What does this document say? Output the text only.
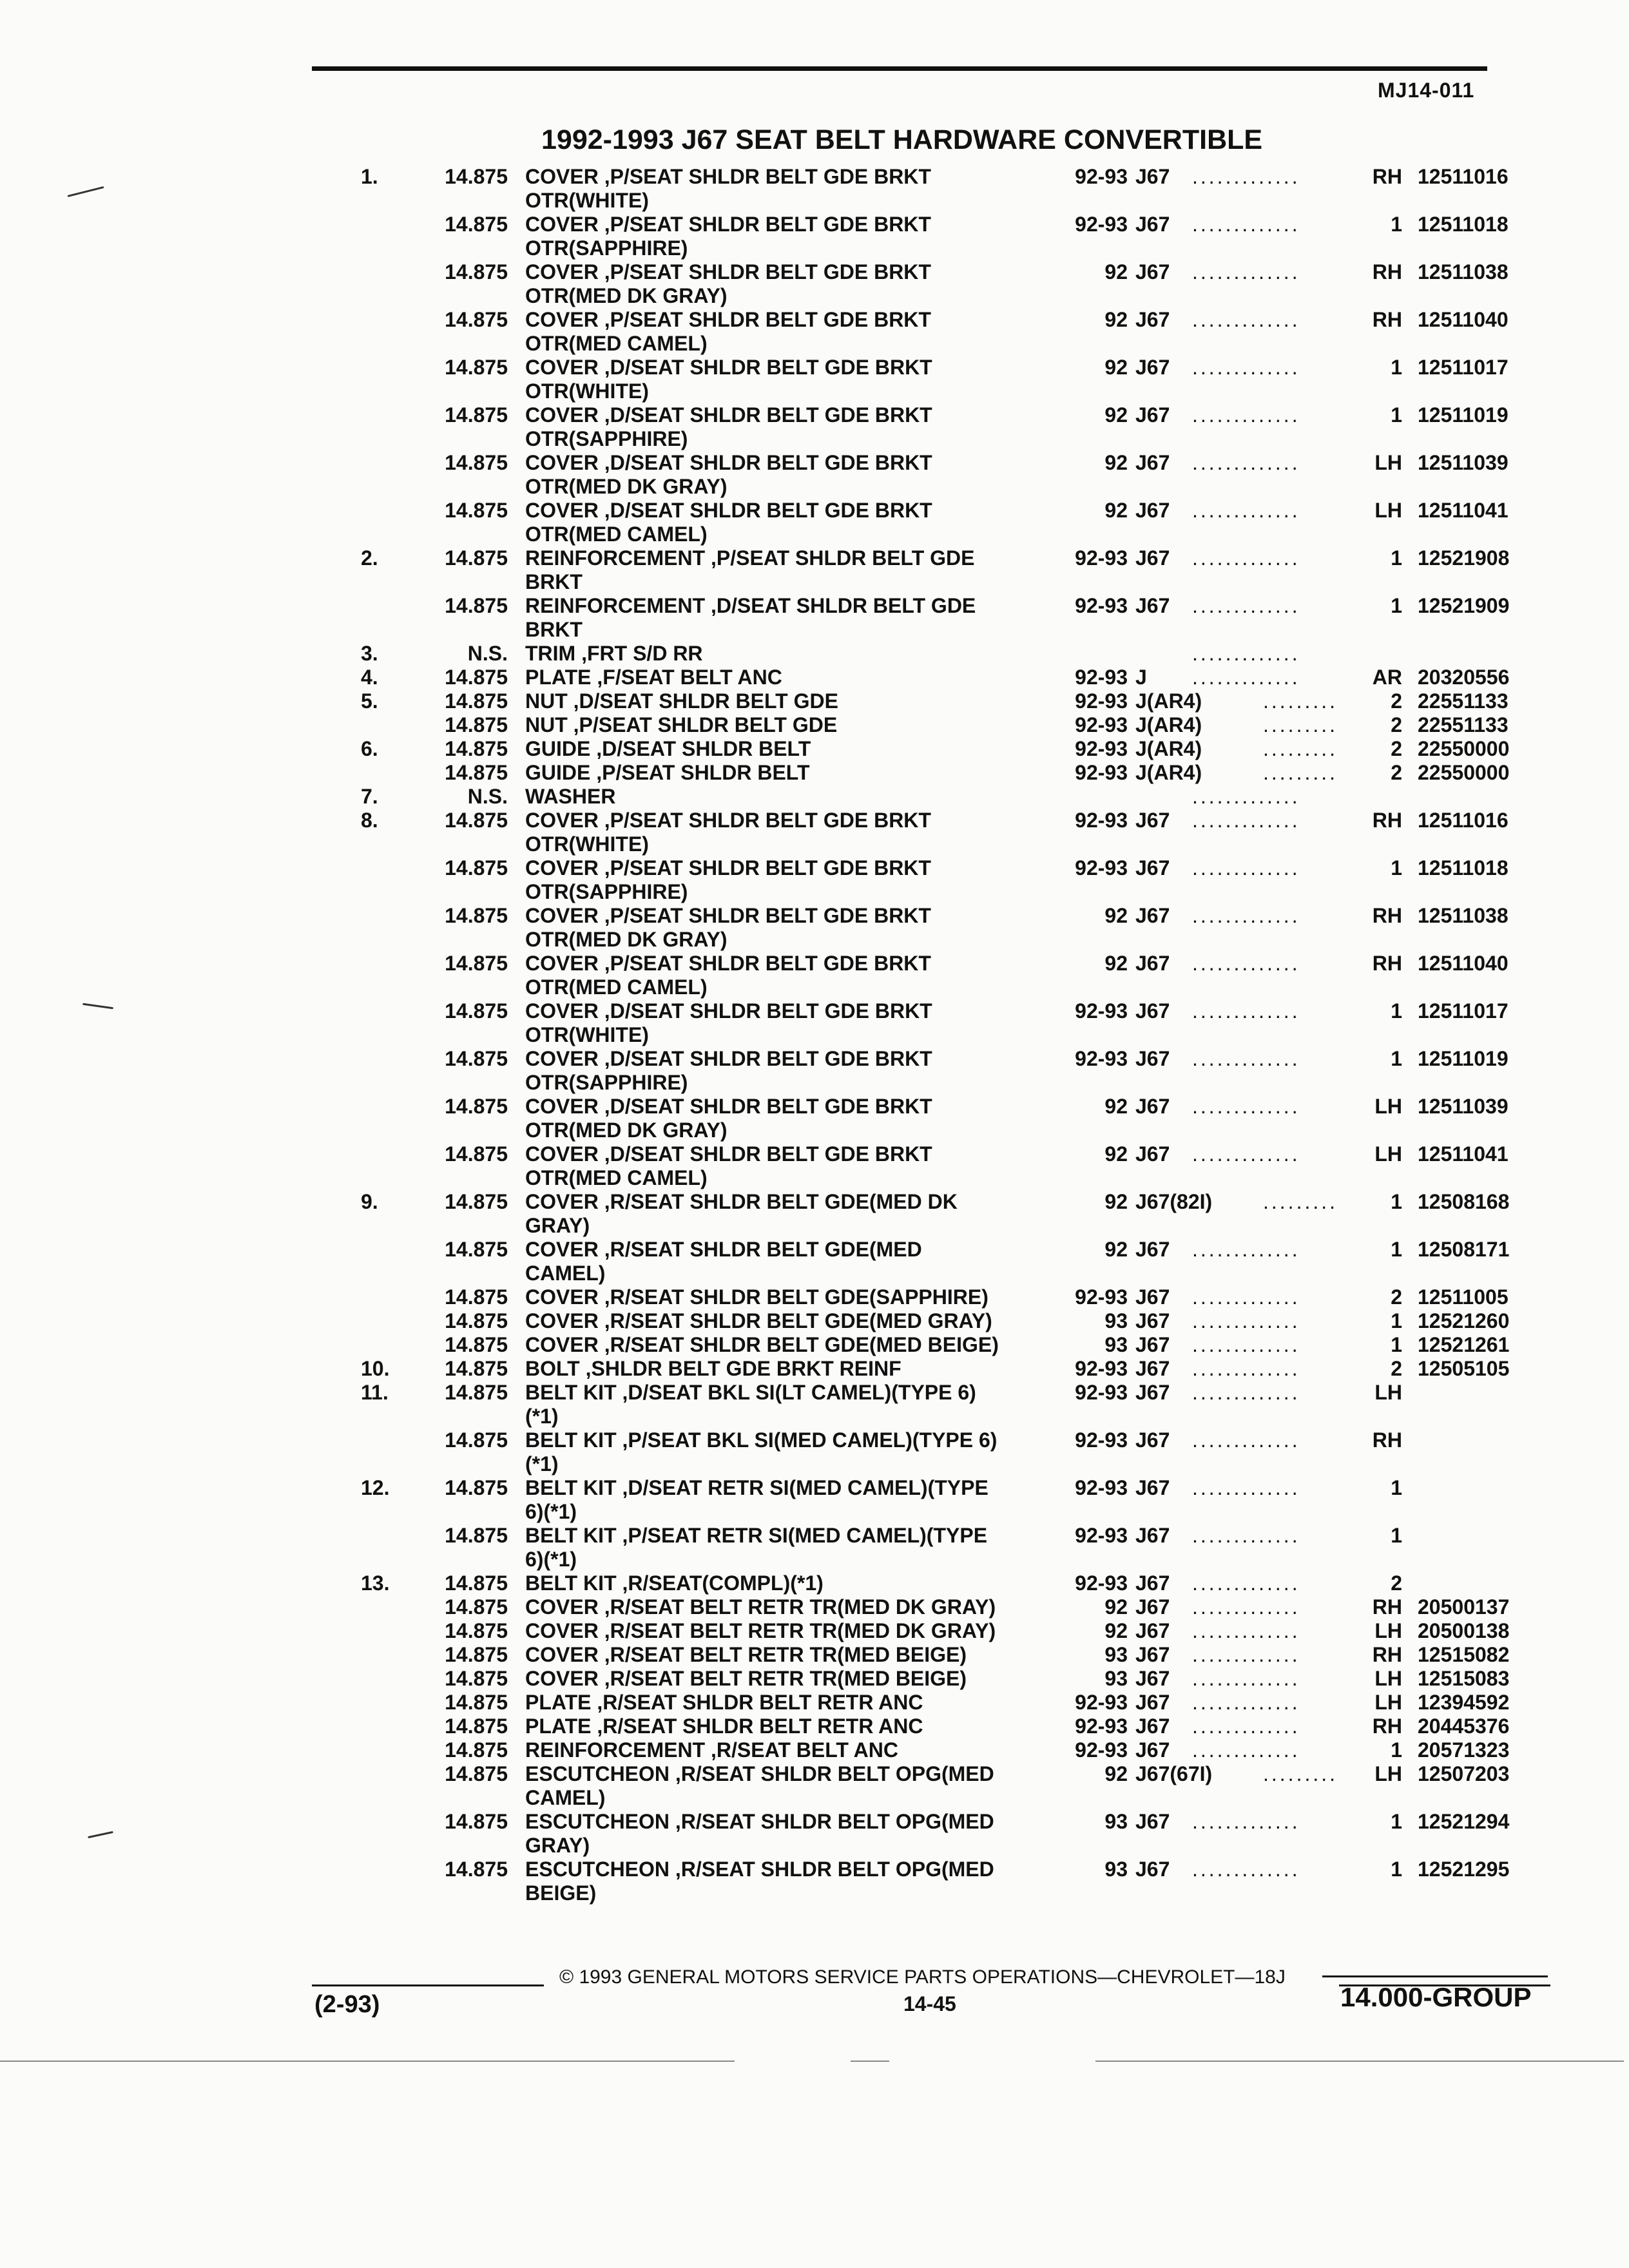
MJ14-011
1992-1993 J67 SEAT BELT HARDWARE CONVERTIBLE
1.	14.875 COVER ,P/SEAT SHLDR BELT GDE BRKT	92-93 J67 .............	RH 12511016
OTR(WHITE)
14.875 COVER ,P/SEAT SHLDR BELT GDE BRKT	92-93 J67 .............	1 12511018
OTR(SAPPHIRE)
14.875 COVER ,P/SEAT SHLDR BELT GDE BRKT	92 J67 .............	RH 12511038
OTR(MED DK GRAY)
14.875 COVER ,P/SEAT SHLDR BELT GDE BRKT	92 J67 .............	RH 12511040
OTR(MED CAMEL)
14.875 COVER ,D/SEAT SHLDR BELT GDE BRKT	92 J67 .............	1 12511017
OTR(WHITE)
14.875 COVER ,D/SEAT SHLDR BELT GDE BRKT	92 J67 .............	1 12511019
OTR(SAPPHIRE)
14.875 COVER ,D/SEAT SHLDR BELT GDE BRKT	92 J67 .............	LH 12511039
OTR(MED DK GRAY)
14.875 COVER ,D/SEAT SHLDR BELT GDE BRKT	92 J67 .............	LH 12511041
OTR(MED CAMEL)
2.	14.875 REINFORCEMENT ,P/SEAT SHLDR BELT GDE	92-93 J67 .............	1 12521908
BRKT
14.875 REINFORCEMENT ,D/SEAT SHLDR BELT GDE	92-93 J67 .............	1 12521909
BRKT
3.	N.S. TRIM ,FRT S/D RR	.............
4.	14.875 PLATE ,F/SEAT BELT ANC	92-93 J .............	AR 20320556
5.	14.875 NUT ,D/SEAT SHLDR BELT GDE	92-93 J(AR4)	.........	2 22551133
14.875 NUT ,P/SEAT SHLDR BELT GDE	92-93 J(AR4)	.........	2 22551133
6.	14.875 GUIDE ,D/SEAT SHLDR BELT	92-93 J(AR4)	.........	2 22550000
14.875 GUIDE ,P/SEAT SHLDR BELT	92-93 J(AR4)	.........	2 22550000
7.	N.S. WASHER	.............
8.	14.875 COVER ,P/SEAT SHLDR BELT GDE BRKT	92-93 J67 .............	RH 12511016
OTR(WHITE)
14.875 COVER ,P/SEAT SHLDR BELT GDE BRKT	92-93 J67 .............	1 12511018
OTR(SAPPHIRE)
14.875 COVER ,P/SEAT SHLDR BELT GDE BRKT	92 J67 .............	RH 12511038
OTR(MED DK GRAY)
14.875 COVER ,P/SEAT SHLDR BELT GDE BRKT	92 J67 .............	RH 12511040
OTR(MED CAMEL)
14.875 COVER ,D/SEAT SHLDR BELT GDE BRKT	92-93 J67 .............	1 12511017
OTR(WHITE)
14.875 COVER ,D/SEAT SHLDR BELT GDE BRKT	92-93 J67 .............	1 12511019
OTR(SAPPHIRE)
14.875 COVER ,D/SEAT SHLDR BELT GDE BRKT	92 J67 .............	LH 12511039
OTR(MED DK GRAY)
14.875 COVER ,D/SEAT SHLDR BELT GDE BRKT	92 J67 .............	LH 12511041
OTR(MED CAMEL)
9.	14.875 COVER ,R/SEAT SHLDR BELT GDE(MED DK	92 J67(82I) .........	1 12508168
GRAY)
14.875 COVER ,R/SEAT SHLDR BELT GDE(MED	92 J67 .............	1 12508171
CAMEL)
14.875 COVER ,R/SEAT SHLDR BELT GDE(SAPPHIRE)	92-93 J67 .............	2 12511005
14.875 COVER ,R/SEAT SHLDR BELT GDE(MED GRAY)	93 J67 .............	1 12521260
14.875 COVER ,R/SEAT SHLDR BELT GDE(MED BEIGE)	93 J67 .............	1 12521261
10.	14.875 BOLT ,SHLDR BELT GDE BRKT REINF	92-93 J67 .............	2 12505105
11.	14.875 BELT KIT ,D/SEAT BKL SI(LT CAMEL)(TYPE 6)	92-93 J67 .............	LH
(*1)
14.875 BELT KIT ,P/SEAT BKL SI(MED CAMEL)(TYPE 6)	92-93 J67 .............	RH
(*1)
12.	14.875 BELT KIT ,D/SEAT RETR SI(MED CAMEL)(TYPE	92-93 J67 .............	1
6)(*1)
14.875 BELT KIT ,P/SEAT RETR SI(MED CAMEL)(TYPE	92-93 J67 .............	1
6)(*1)
13.	14.875 BELT KIT ,R/SEAT(COMPL)(*1)	92-93 J67 .............	2
14.875 COVER ,R/SEAT BELT RETR TR(MED DK GRAY)	92 J67 .............	RH 20500137
14.875 COVER ,R/SEAT BELT RETR TR(MED DK GRAY)	92 J67 .............	LH 20500138
14.875 COVER ,R/SEAT BELT RETR TR(MED BEIGE)	93 J67 .............	RH 12515082
14.875 COVER ,R/SEAT BELT RETR TR(MED BEIGE)	93 J67 .............	LH 12515083
14.875 PLATE ,R/SEAT SHLDR BELT RETR ANC	92-93 J67 .............	LH 12394592
14.875 PLATE ,R/SEAT SHLDR BELT RETR ANC	92-93 J67 .............	RH 20445376
14.875 REINFORCEMENT ,R/SEAT BELT ANC	92-93 J67 .............	1 20571323
14.875 ESCUTCHEON ,R/SEAT SHLDR BELT OPG(MED	92 J67(67I) .........	LH 12507203
CAMEL)
14.875 ESCUTCHEON ,R/SEAT SHLDR BELT OPG(MED	93 J67 .............	1 12521294
GRAY)
14.875 ESCUTCHEON ,R/SEAT SHLDR BELT OPG(MED	93 J67 .............	1 12521295
BEIGE)
© 1993 GENERAL MOTORS SERVICE PARTS OPERATIONS—CHEVROLET—18J
(2-93)	14-45	14.000-GROUP
